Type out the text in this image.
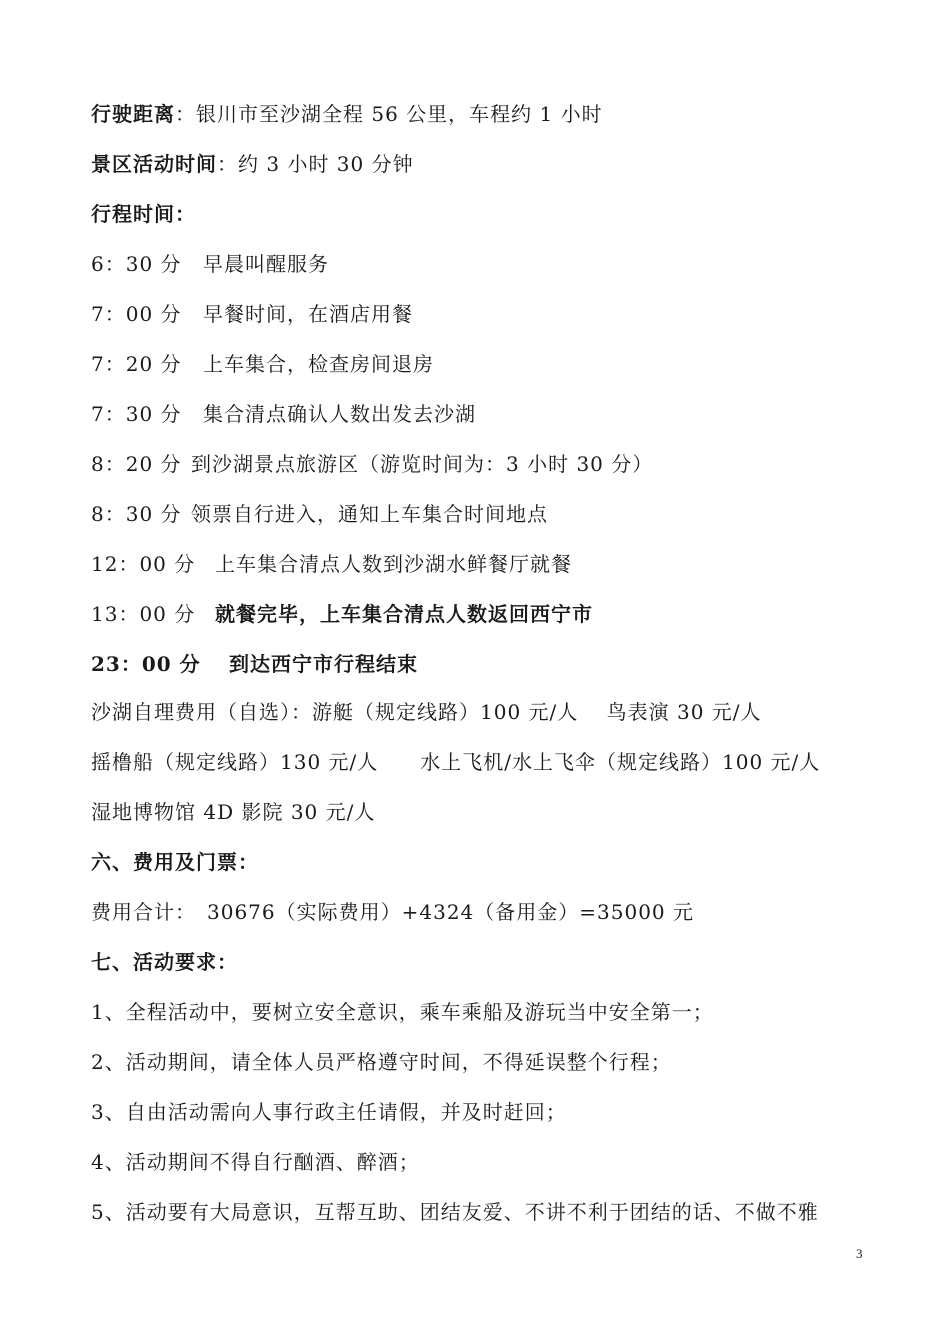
行驶距离：银川市至沙湖全程 56 公里，车程约 1 小时
景区活动时间：约 3 小时 30 分钟
行程时间：
6：30 分 早晨叫醒服务
7：00 分 早餐时间，在酒店用餐
7：20 分 上车集合，检查房间退房
7：30 分 集合清点确认人数出发去沙湖
8：20 分 到沙湖景点旅游区（游览时间为：3 小时 30 分）
8：30 分 领票自行进入，通知上车集合时间地点
12：00 分 上车集合清点人数到沙湖水鲜餐厅就餐
13：00 分 就餐完毕，上车集合清点人数返回西宁市
23：00 分 到达西宁市行程结束
沙湖自理费用（自选）：游艇（规定线路）100 元/人　 鸟表演 30 元/人
摇橹船（规定线路）130 元/人　　水上飞机/水上飞伞（规定线路）100 元/人
湿地博物馆 4D 影院 30 元/人
六、费用及门票：
费用合计：　30676（实际费用）+4324（备用金）=35000 元
七、活动要求：
1、全程活动中，要树立安全意识，乘车乘船及游玩当中安全第一；
2、活动期间，请全体人员严格遵守时间，不得延误整个行程；
3、自由活动需向人事行政主任请假，并及时赶回；
4、活动期间不得自行酗酒、醉酒；
5、活动要有大局意识，互帮互助、团结友爱、不讲不利于团结的话、不做不雅
3
